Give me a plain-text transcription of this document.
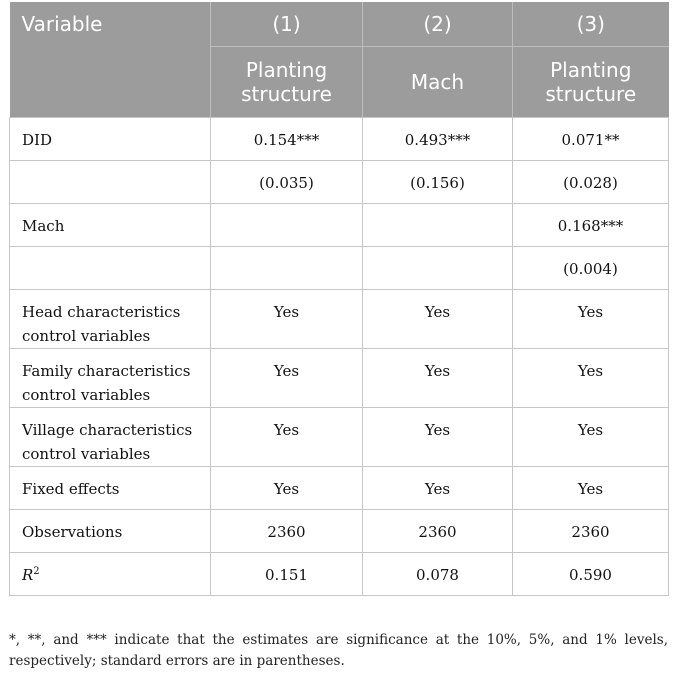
Variable	(1)	(2)	(3)
	Planting structure	Mach	Planting structure
DID	0.154***	0.493***	0.071**
	(0.035)	(0.156)	(0.028)
Mach			0.168***
			(0.004)
Head characteristics control variables	Yes	Yes	Yes
Family characteristics control variables	Yes	Yes	Yes
Village characteristics control variables	Yes	Yes	Yes
Fixed effects	Yes	Yes	Yes
Observations	2360	2360	2360
$R^2$	0.151	0.078	0.590
*, **, and *** indicate that the estimates are significance at the 10%, 5%, and 1% levels, respectively; standard errors are in parentheses.
